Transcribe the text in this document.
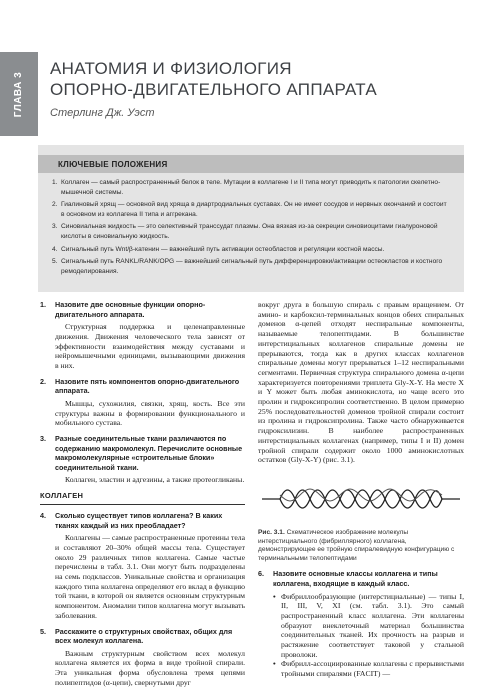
ГЛАВА 3
АНАТОМИЯ И ФИЗИОЛОГИЯ
ОПОРНО-ДВИГАТЕЛЬНОГО АППАРАТА
Стерлинг Дж. Уэст
КЛЮЧЕВЫЕ ПОЛОЖЕНИЯ
1. Коллаген — самый распространенный белок в теле. Мутации в коллагене I и II типа могут приводить к патологии скелетно-мышечной системы.
2. Гиалиновый хрящ — основной вид хряща в диартродиальных суставах. Он не имеет сосудов и нервных окончаний и состоит в основном из коллагена II типа и аггрекана.
3. Синовиальная жидкость — это селективный транссудат плазмы. Она вязкая из-за секреции синовиоцитами гиалуроновой кислоты в синовиальную жидкость.
4. Сигнальный путь Wnt/β-катенин — важнейший путь активации остеобластов и регуляции костной массы.
5. Сигнальный путь RANKL/RANK/OPG — важнейший сигнальный путь дифференцировки/активации остеокластов и костного ремоделирования.
1.	Назовите две основные функции опорно-двигательного аппарата.

Структурная поддержка и целенаправленные движения. Движения человеческого тела зависят от эффективности взаимодействия между суставами и нейромышечными единицами, вызывающими движения в них.

2.	Назовите пять компонентов опорно-двигательного аппарата.

Мышцы, сухожилия, связки, хрящ, кость. Все эти структуры важны в формировании функционального и мобильного сустава.

3.	Разные соединительные ткани различаются по содержанию макромолекул. Перечислите основные макромолекулярные «строительные блоки» соединительной ткани.

Коллаген, эластин и адгезины, а также протеогликаны.

КОЛЛАГЕН
4.	Сколько существует типов коллагена? В каких тканях каждый из них преобладает?

Коллагены — самые распространенные протеины тела и составляют 20–30% общей массы тела. Существует около 29 различных типов коллагена. Самые частые перечислены в табл. 3.1. Они могут быть подразделены на семь подклассов. Уникальные свойства и организация каждого типа коллагена определяют его вклад в функцию той ткани, в которой он является основным структурным компонентом. Аномалии типов коллагена могут вызывать заболевания.

5.	Расскажите о структурных свойствах, общих для всех молекул коллагена.

Важным структурным свойством всех молекул коллагена является их форма в виде тройной спирали. Эта уникальная форма обусловлена тремя цепями полипептидов (α-цепи), свернутыми друг

вокруг друга в большую спираль с правым вращением. От амино- и карбоксил-терминальных концов обеих спиральных доменов α-цепей отходят неспиральные компоненты, называемые телопептидами. В большинстве интерстициальных коллагенов спиральные домены не прерываются, тогда как в других классах коллагенов спиральные домены могут прерываться 1–12 неспиральными сегментами. Первичная структура спирального домена α-цепи характеризуется повторениями триплета Gly-X-Y. На месте X и Y может быть любая аминокислота, но чаще всего это пролин и гидроксипролин соответственно. В целом примерно 25% последовательностей доменов тройной спирали состоит из пролина и гидроксипролина. Также часто обнаруживается гидроксилизин. В наиболее распространенных интерстициальных коллагенах (например, типы I и II) домен тройной спирали содержит около 1000 аминокислотных остатков (Gly-X-Y) (рис. 3.1).

Рис. 3.1. Схематическое изображение молекулы интерстициального (фибриллярного) коллагена, демонстрирующее ее тройную спиралевидную конфигурацию с терминальными телопептидами

6.	Назовите основные классы коллагена и типы коллагена, входящие в каждый класс.
• Фибриллообразующие (интерстициальные) — типы I, II, III, V, XI (см. табл. 3.1). Это самый распространенный класс коллагена. Эти коллагены образуют внеклеточный материал большинства соединительных тканей. Их прочность на разрыв и растяжение соответствует таковой у стальной проволоки.

• Фибрилл-ассоциированные коллагены с прерывистыми тройными спиралями (FACIT) —
